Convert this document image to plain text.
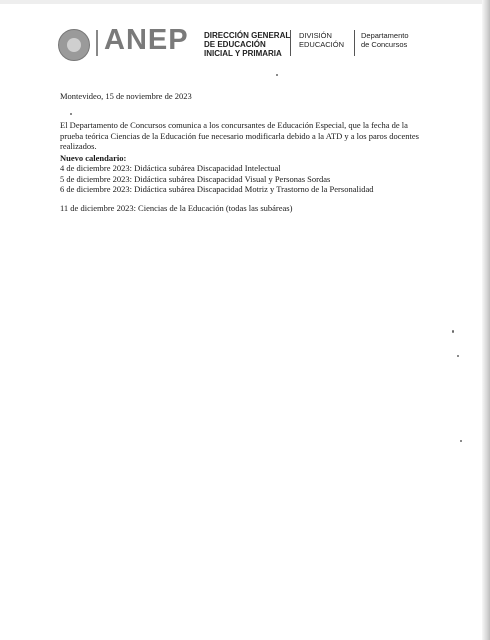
ANEP DIRECCIÓN GENERAL
DE EDUCACIÓN
INICIAL Y PRIMARIA
DIVISIÓN
EDUCACIÓN
Departamento
de Concursos
Montevideo, 15 de noviembre de 2023
El Departamento de Concursos comunica a los concursantes de Educación Especial, que la fecha de la prueba teórica Ciencias de la Educación fue necesario modificarla debido a la ATD y a los paros docentes realizados.
Nuevo calendario:
4 de diciembre 2023: Didáctica subárea Discapacidad Intelectual
5 de diciembre 2023: Didáctica subárea Discapacidad Visual y Personas Sordas
6 de diciembre 2023: Didáctica subárea Discapacidad Motriz y Trastorno de la Personalidad
11 de diciembre 2023: Ciencias de la Educación (todas las subáreas)
